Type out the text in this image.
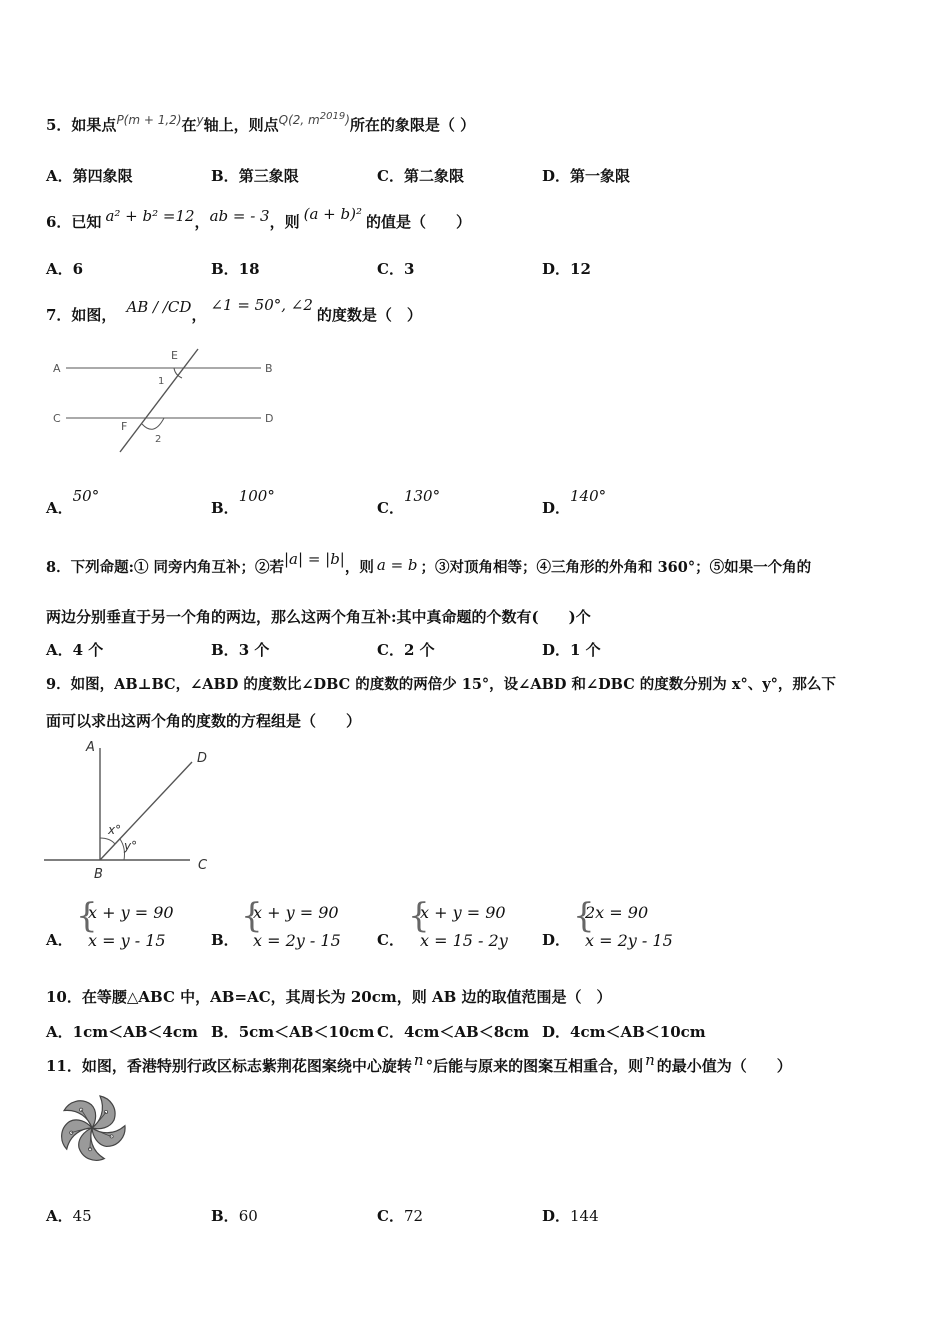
5．如果点$^{P(m + 1,2)}$在$^y$轴上，则点$^{Q(2, m^{2019})}$所在的象限是（ ）
A．第四象限	B．第三象限	C．第二象限	D．第一象限
6．已知 a² + b² =12，ab = - 3，则 (a + b)² 的值是（　　）
A．6	B．18	C．3	D．12
7．如图， AB / /CD，∠1 = 50°, ∠2的度数是（　）
A	B
C	D
E
F
1
2
A．50°
B．100°
C．130°
D．140°
8．下列命题:① 同旁内角互补；②若|a| = |b|，则 a = b ；③对顶角相等；④三角形的外角和 360°；⑤如果一个角的
两边分别垂直于另一个角的两边，那么这两个角互补:其中真命题的个数有(　　)个
A．4 个	B．3 个	C．2 个	D．1 个
9．如图，AB⊥BC，∠ABD 的度数比∠DBC 的度数的两倍少 15°，设∠ABD 和∠DBC 的度数分别为 x°、y°，那么下
面可以求出这两个角的度数的方程组是（　　）
A
B
C
D
x°
y°
A．
{
x + y = 90
x = y - 15	B．
{
x + y = 90
x = 2y - 15 C．
{
x + y = 90
x = 15 - 2y D．
{
2x = 90
x = 2y - 15
10．在等腰△ABC 中，AB=AC，其周长为 20cm，则 AB 边的取值范围是（　）
A．1cm＜AB＜4cm B．5cm＜AB＜10cm C．4cm＜AB＜8cm D．4cm＜AB＜10cm
11．如图，香港特别行政区标志紫荆花图案绕中心旋转 n °后能与原来的图案互相重合，则 n 的最小值为（　　）
A．45	B．60	C．72	D．144
